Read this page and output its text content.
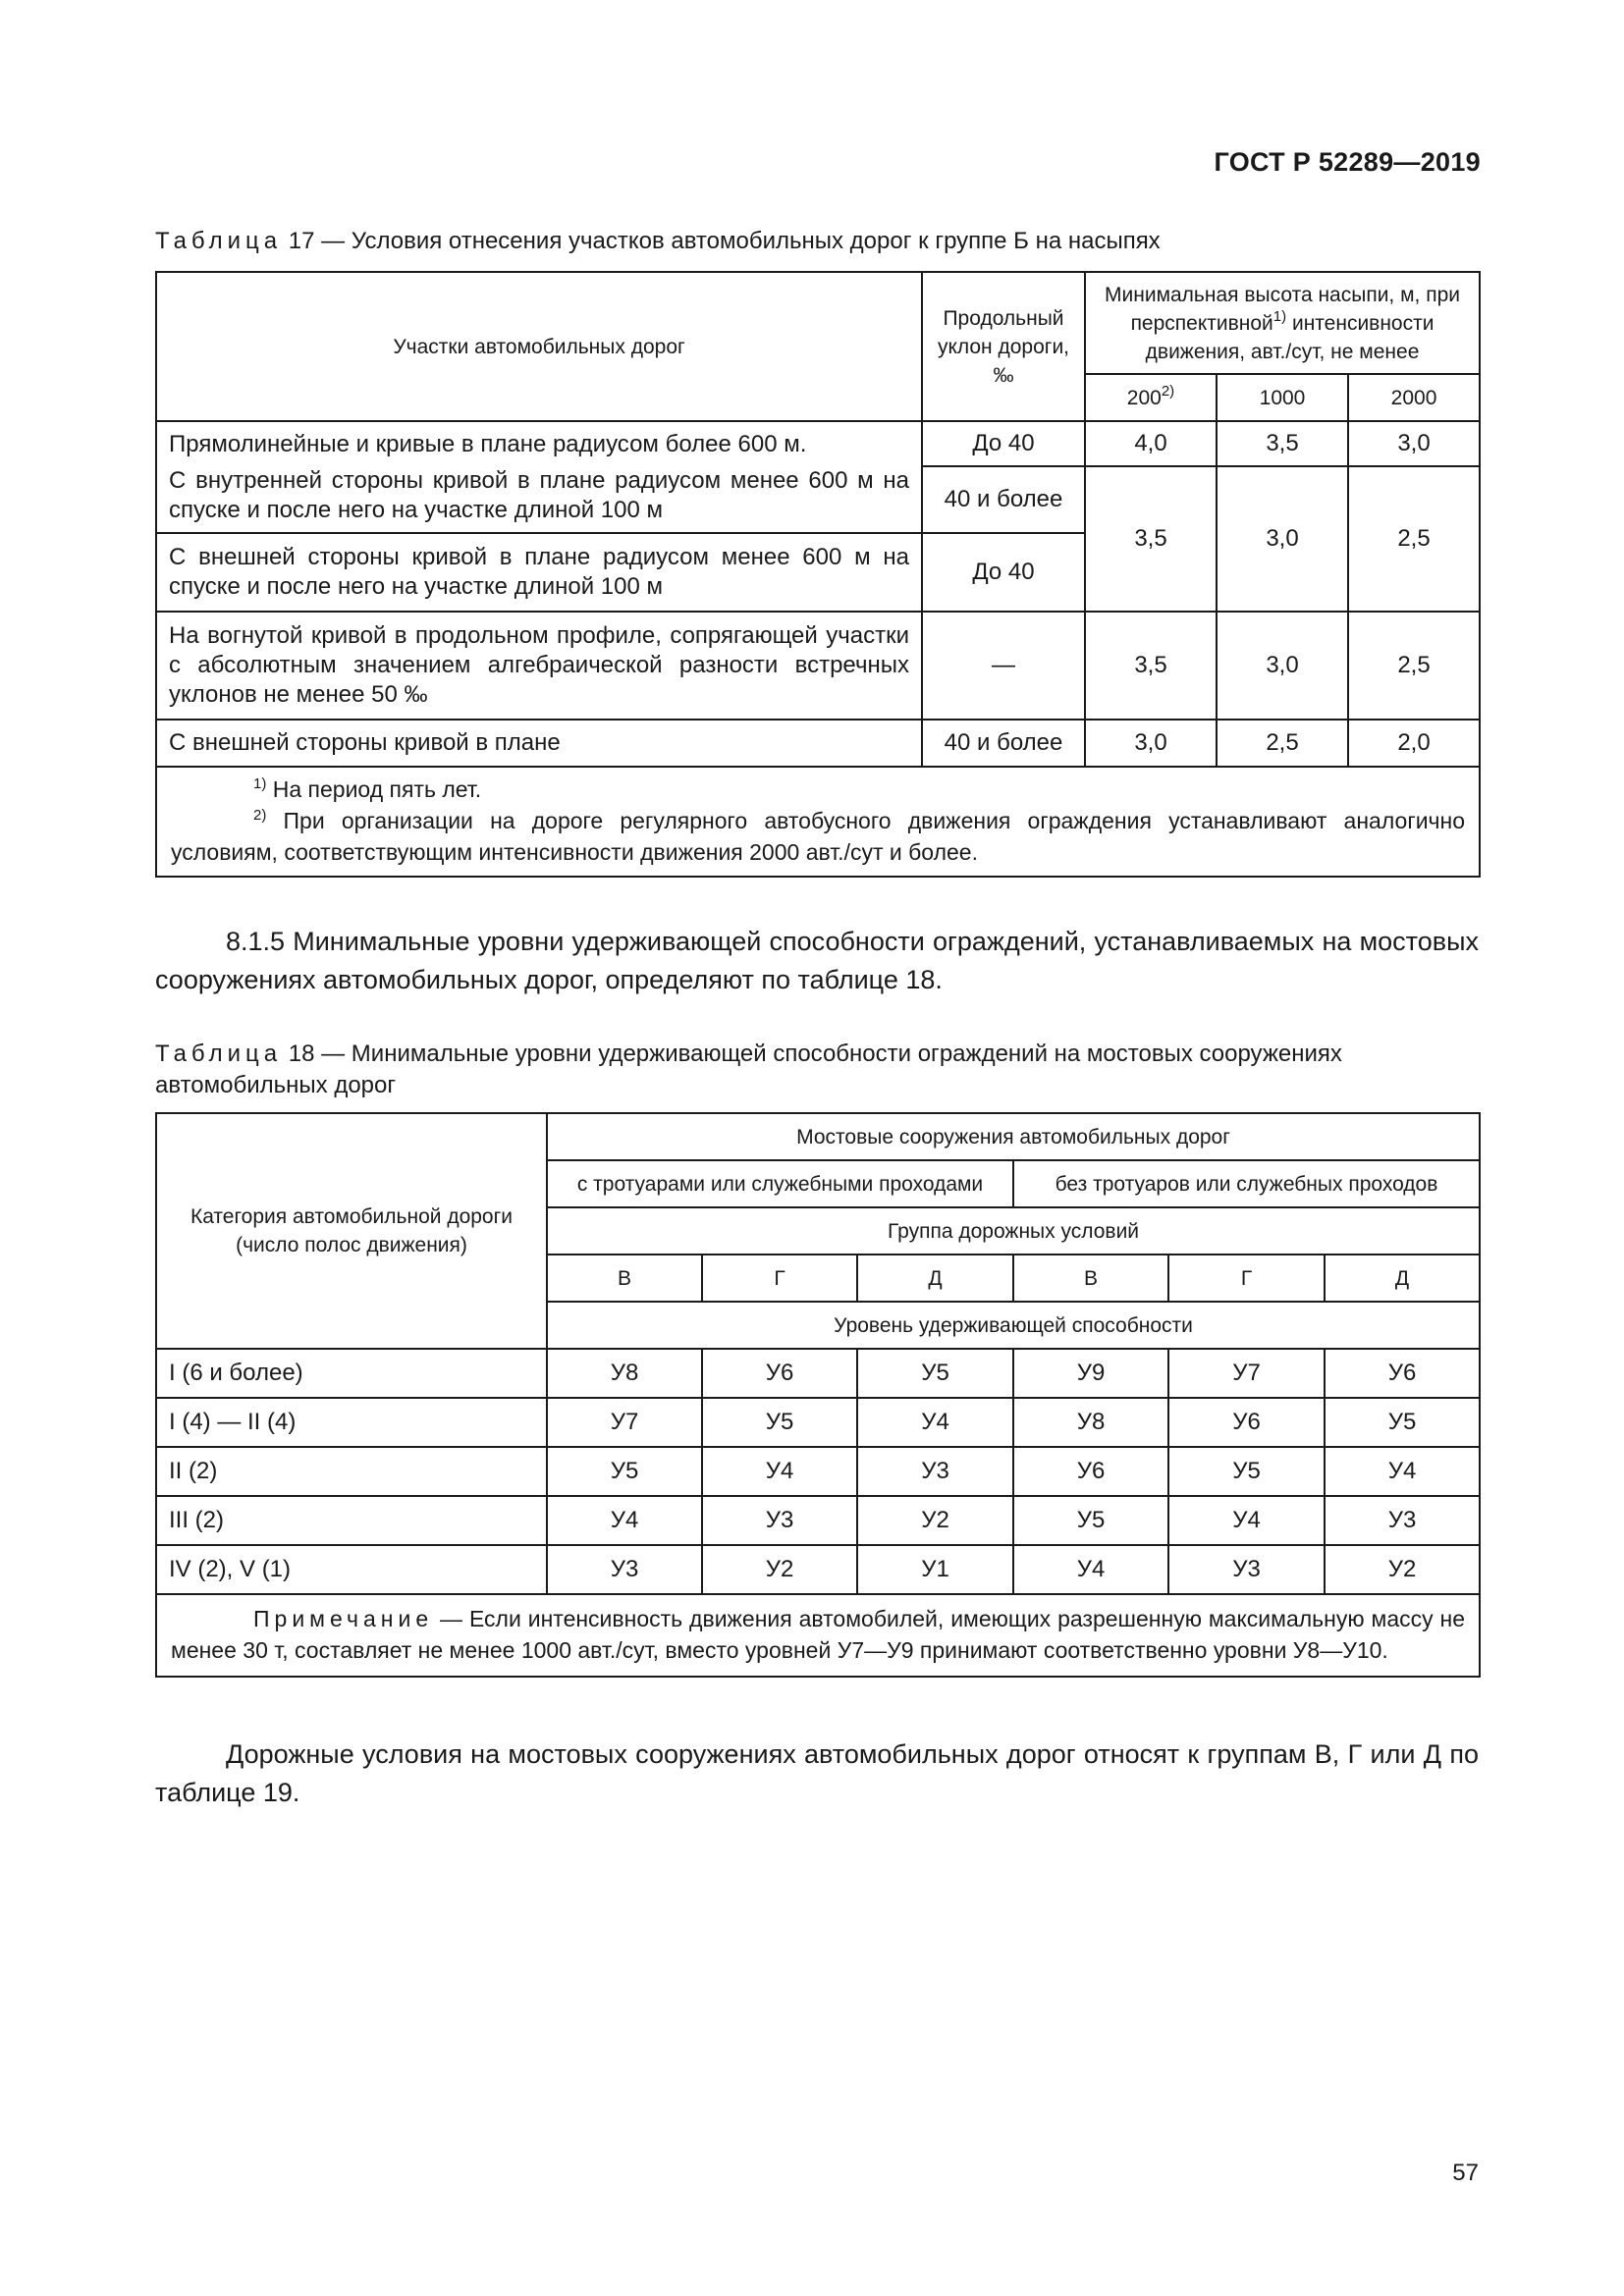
ГОСТ Р 52289—2019
Таблица 17 — Условия отнесения участков автомобильных дорог к группе Б на насыпях
Участки автомобильных дорог	Продольный уклон дороги, ‰	Минимальная высота насыпи, м, при перспективной$^{1)}$ интенсивности движения, авт./сут, не менее		
		200$^{2)}$	1000	2000
Прямолинейные и кривые в плане радиусом более 600 м.	До 40	4,0	3,5	3,0
С внутренней стороны кривой в плане радиусом менее 600 м на спуске и после него на участке длиной 100 м	40 и более	3,5	3,0	2,5
С внешней стороны кривой в плане радиусом менее 600 м на спуске и после него на участке длиной 100 м	До 40			
На вогнутой кривой в продольном профиле, сопрягающей участки с абсолютным значением алгебраической разности встречных уклонов не менее 50 ‰	—	3,5	3,0	2,5
С внешней стороны кривой в плане	40 и более	3,0	2,5	2,0

$^{1)}$ На период пять лет.
$^{2)}$ При организации на дороге регулярного автобусного движения ограждения устанавливают аналогично условиям, соответствующим интенсивности движения 2000 авт./сут и более.				
8.1.5 Минимальные уровни удерживающей способности ограждений, устанавливаемых на мостовых сооружениях автомобильных дорог, определяют по таблице 18.
Таблица 18 — Минимальные уровни удерживающей способности ограждений на мостовых сооружениях автомобильных дорог
Категория автомобильной дороги (число полос движения)	Мостовые сооружения автомобильных дорог					
	с тротуарами или служебными проходами			без тротуаров или служебных проходов		
	Группа дорожных условий					
	В	Г	Д	В	Г	Д
	Уровень удерживающей способности					
I (6 и более)	У8	У6	У5	У9	У7	У6
I (4) — II (4)	У7	У5	У4	У8	У6	У5
II (2)	У5	У4	У3	У6	У5	У4
III (2)	У4	У3	У2	У5	У4	У3
IV (2), V (1)	У3	У2	У1	У4	У3	У2
Примечание — Если интенсивность движения автомобилей, имеющих разрешенную максимальную массу не менее 30 т, составляет не менее 1000 авт./сут, вместо уровней У7—У9 принимают соответственно уровни У8—У10.						
Дорожные условия на мостовых сооружениях автомобильных дорог относят к группам В, Г или Д по таблице 19.
57
